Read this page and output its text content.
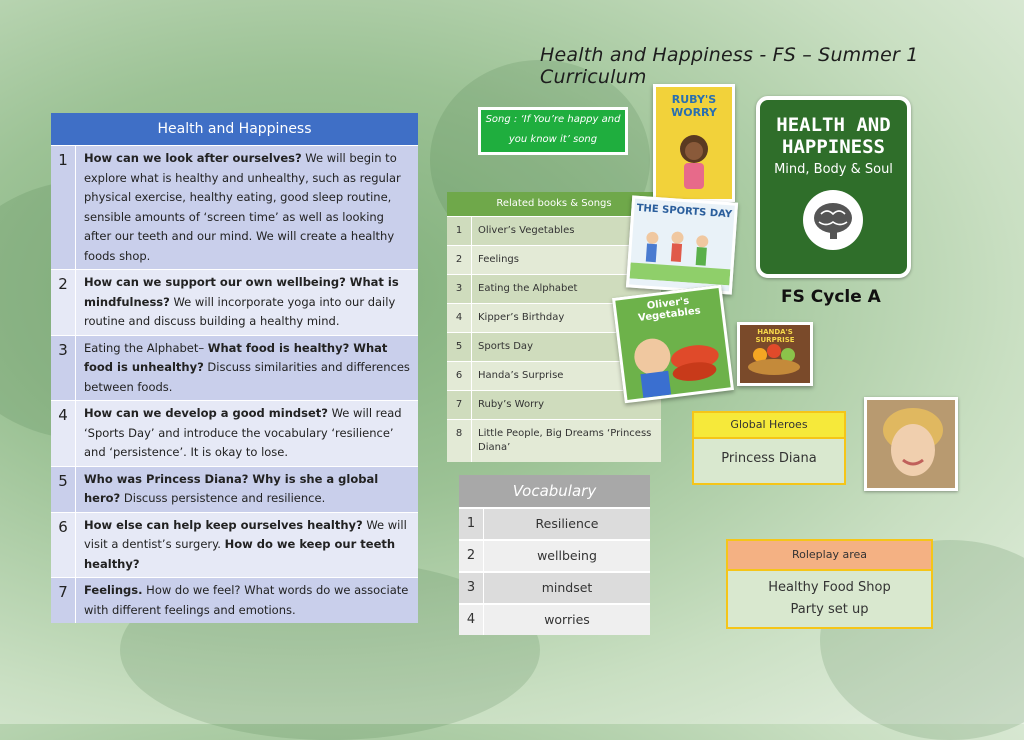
Health and Happiness - FS – Summer 1 Curriculum
Health and Happiness
1	How can we look after ourselves? We will begin to explore what is healthy and unhealthy, such as regular physical exercise, healthy eating, good sleep routine, sensible amounts of ‘screen time’ as well as looking after our teeth and our mind. We will create a healthy foods shop.
2	How can we support our own wellbeing? What is mindfulness? We will incorporate yoga into our daily routine and discuss building a healthy mind.
3	Eating the Alphabet– What food is healthy? What food is unhealthy? Discuss similarities and differences between foods.
4	How can we develop a good mindset? We will read ‘Sports Day’ and introduce the vocabulary ‘resilience’ and ‘persistence’. It is okay to lose.
5	Who was Princess Diana? Why is she a global hero? Discuss persistence and resilience.
6	How else can help keep ourselves healthy? We will visit a dentist’s surgery. How do we keep our teeth healthy?
7	Feelings. How do we feel? What words do we associate with different feelings and emotions.
Song : ‘If You’re happy and you know it’ song
Related books & Songs
1	Oliver’s Vegetables
2	Feelings
3	Eating the Alphabet
4	Kipper’s Birthday
5	Sports Day
6	Handa’s Surprise
7	Ruby’s Worry
8	Little People, Big Dreams ‘Princess Diana’
Vocabulary
1	Resilience
2	wellbeing
3	mindset
4	worries
RUBY'S WORRY
THE SPORTS DAY
Oliver's Vegetables
HANDA'S SURPRISE
HEALTH AND HAPPINESS
Mind, Body & Soul
FS Cycle A
Global Heroes
Princess Diana
Roleplay area
Healthy Food Shop
Party set up
